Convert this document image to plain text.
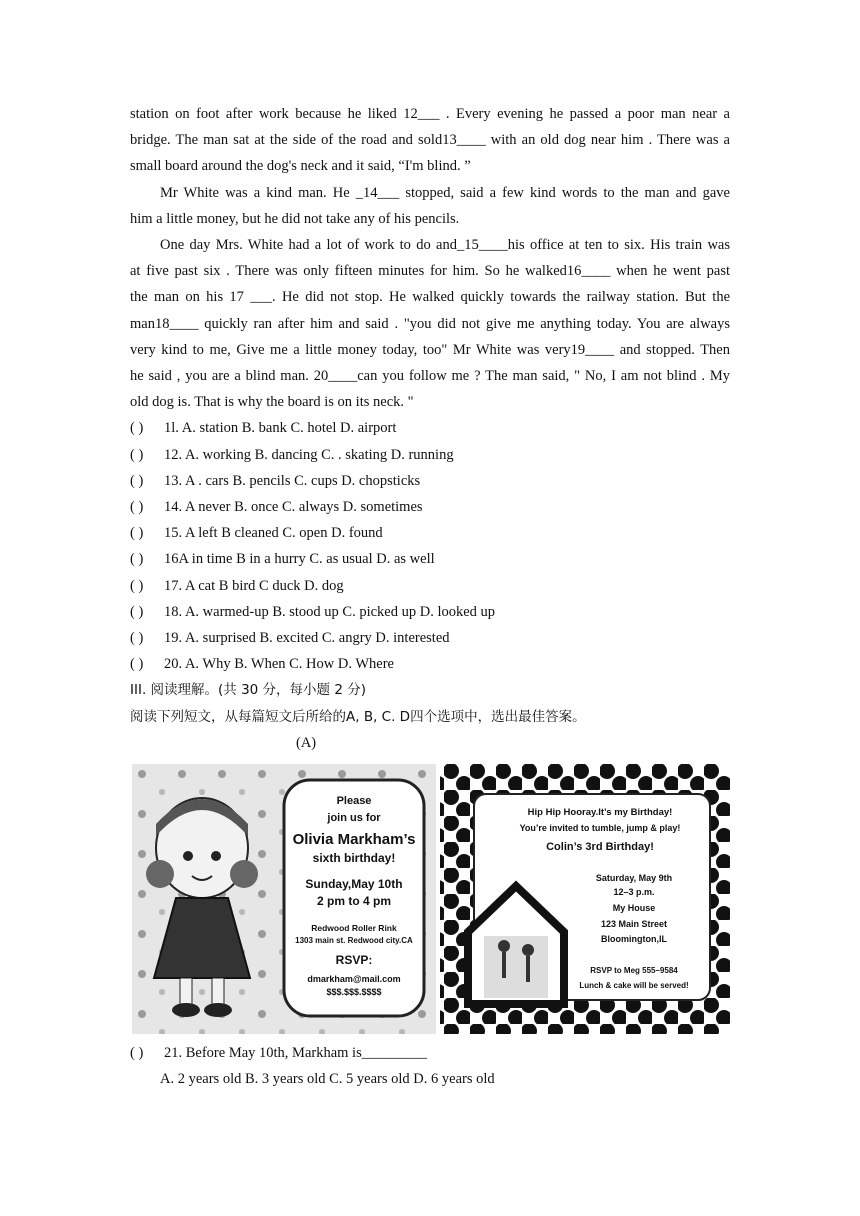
station on foot after work because he liked 12___ . Every evening he passed a poor man near a
bridge. The man sat at the side of the road and sold13____ with an old dog near him . There was a
small board around the dog's neck and it said, “I'm blind. ”
Mr White was a kind man. He _14___ stopped, said a few kind words to the man and gave
him a little money, but he did not take any of his pencils.
One day Mrs. White had a lot of work to do and_15____his office at ten to six. His train was
at five past six . There was only fifteen minutes for him. So he walked16____ when he went past
the man on his 17 ___. He did not stop. He walked quickly towards the railway station. But the
man18____ quickly ran after him and said . "you did not give me anything today. You are always
very kind to me, Give me a little money today, too" Mr White was very19____ and stopped. Then
he said , you are a blind man. 20____can you follow me ? The man said, " No, I am not blind . My
old dog is. That is why the board is on its neck. "
( )	1l. A. station B. bank C. hotel D. airport
( )	12. A. working B. dancing C. . skating D. running
( )	13. A . cars B. pencils C. cups D. chopsticks
( )	14. A never B. once C. always D. sometimes
( )	15. A left B cleaned C. open D. found
( )	16A in time B in a hurry C. as usual D. as well
( )	17. A cat B bird C duck D. dog
( )	18. A. warmed-up B. stood up C. picked up D. looked up
( )	19. A. surprised B. excited C. angry D. interested
( )	20. A. Why B. When C. How D. Where
III. 阅读理解。(共 30 分，每小题 2 分)
阅读下列短文，从每篇短文后所给的A, B, C. D四个选项中，选出最佳答案。
(A)
Please
join us for
Olivia Markham’s
sixth birthday!
Sunday,May 10th
2 pm to 4 pm
Redwood Roller Rink
1303 main st. Redwood city.CA
RSVP:
dmarkham@mail.com
$$$.$$$.$$$$
Hip Hip Hooray.It’s my Birthday!
You’re invited to tumble, jump & play!
Colin’s 3rd Birthday!
Saturday, May 9th
12–3 p.m.
My House
123 Main Street
Bloomington,IL
RSVP to Meg 555–9584
Lunch & cake will be served!
( )	21. Before May 10th, Markham is_________
A. 2 years old B. 3 years old C. 5 years old D. 6 years old
